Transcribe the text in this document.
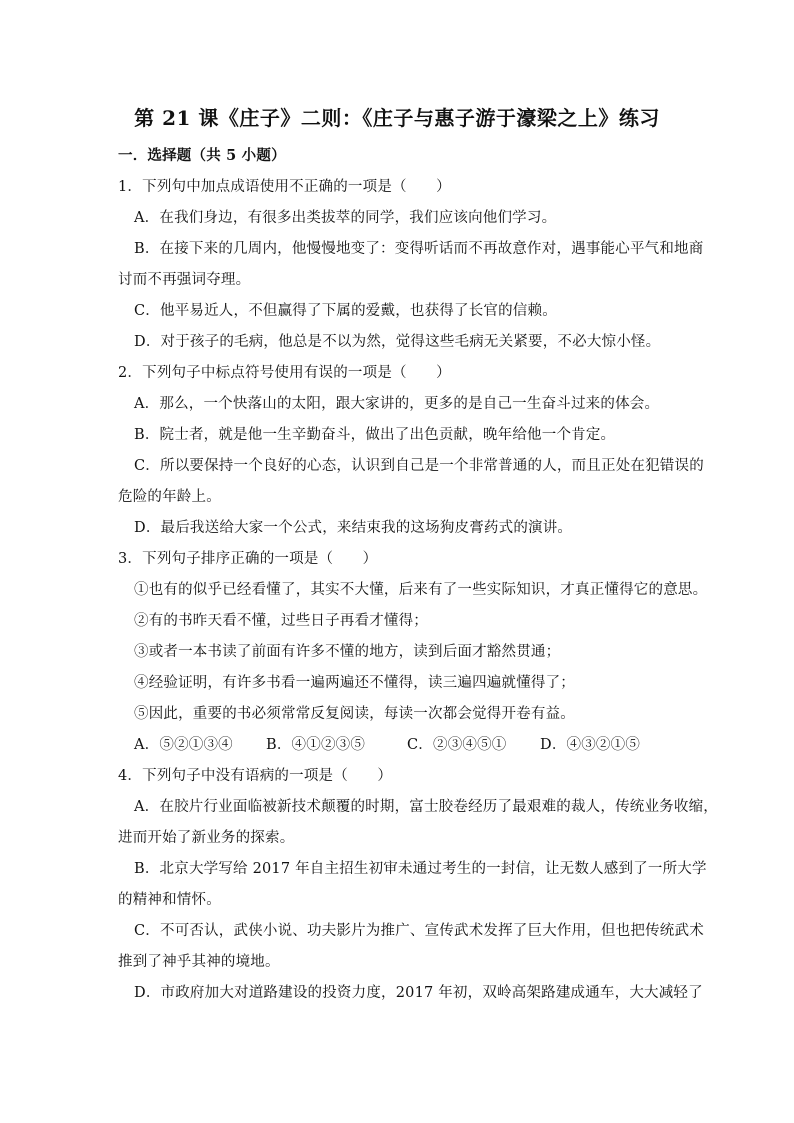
第 21 课《庄子》二则：《庄子与惠子游于濠梁之上》练习
一．选择题（共 5 小题）
1．下列句中加点成语使用不正确的一项是（　　）
A．在我们身边，有很多出类拔萃的同学，我们应该向他们学习。
B．在接下来的几周内，他慢慢地变了：变得听话而不再故意作对，遇事能心平气和地商
讨而不再强词夺理。
C．他平易近人，不但赢得了下属的爱戴，也获得了长官的信赖。
D．对于孩子的毛病，他总是不以为然，觉得这些毛病无关紧要，不必大惊小怪。
2．下列句子中标点符号使用有误的一项是（　　）
A．那么，一个快落山的太阳，跟大家讲的，更多的是自己一生奋斗过来的体会。
B．院士者，就是他一生辛勤奋斗，做出了出色贡献，晚年给他一个肯定。
C．所以要保持一个良好的心态，认识到自己是一个非常普通的人，而且正处在犯错误的
危险的年龄上。
D．最后我送给大家一个公式，来结束我的这场狗皮膏药式的演讲。
3．下列句子排序正确的一项是（　　）
①也有的似乎已经看懂了，其实不大懂，后来有了一些实际知识，才真正懂得它的意思。
②有的书昨天看不懂，过些日子再看才懂得；
③或者一本书读了前面有许多不懂的地方，读到后面才豁然贯通；
④经验证明，有许多书看一遍两遍还不懂得，读三遍四遍就懂得了；
⑤因此，重要的书必须常常反复阅读，每读一次都会觉得开卷有益。
A．⑤②①③④ B．④①②③⑤	C．②③④⑤① D．④③②①⑤
4．下列句子中没有语病的一项是（　　）
A．在胶片行业面临被新技术颠覆的时期，富士胶卷经历了最艰难的裁人，传统业务收缩，
进而开始了新业务的探索。
B．北京大学写给 2017 年自主招生初审未通过考生的一封信，让无数人感到了一所大学
的精神和情怀。
C．不可否认，武侠小说、功夫影片为推广、宣传武术发挥了巨大作用，但也把传统武术
推到了神乎其神的境地。
D．市政府加大对道路建设的投资力度，2017 年初，双岭高架路建成通车，大大减轻了
